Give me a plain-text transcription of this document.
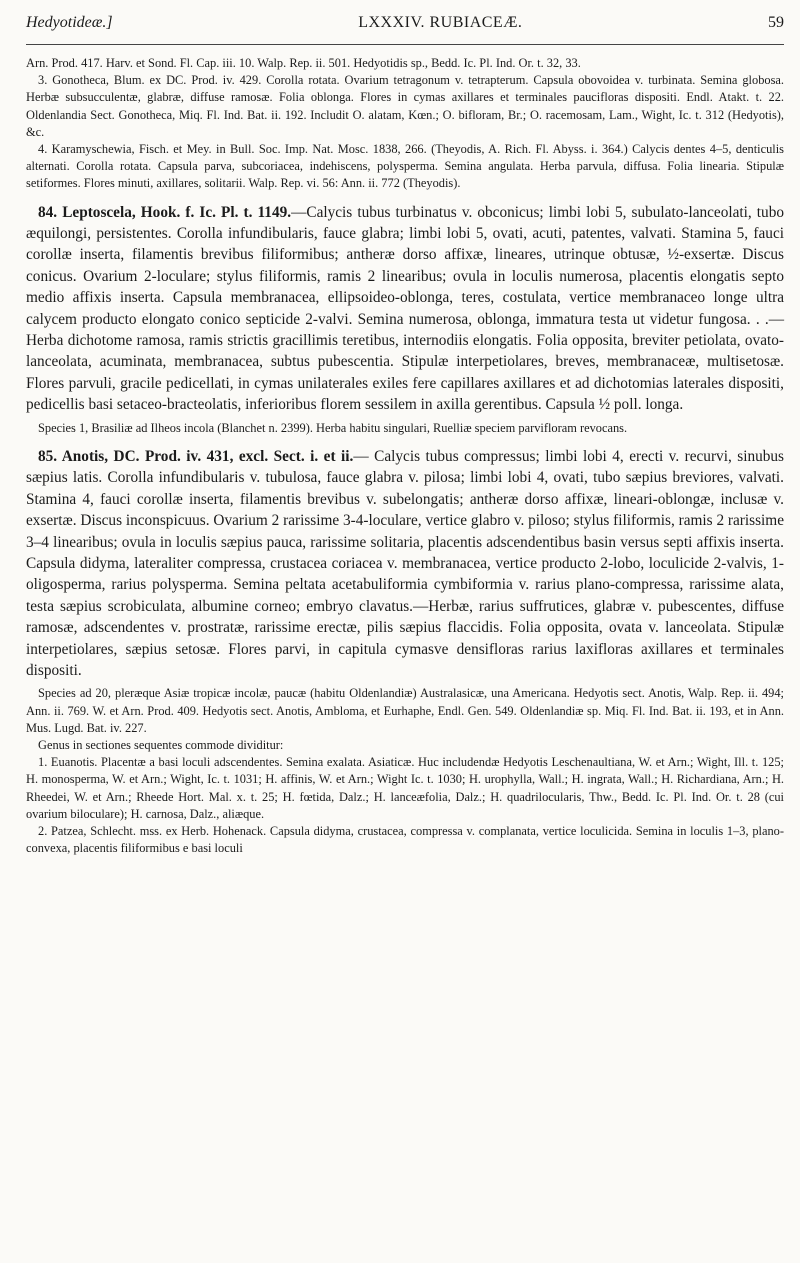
Hedyotideæ.]	LXXXIV. RUBIACEÆ.	59

Arn. Prod. 417. Harv. et Sond. Fl. Cap. iii. 10. Walp. Rep. ii. 501. Hedyotidis sp., Bedd. Ic. Pl. Ind. Or. t. 32, 33.

3. Gonotheca, Blum. ex DC. Prod. iv. 429. Corolla rotata. Ovarium tetragonum v. tetrapterum. Capsula obovoidea v. turbinata. Semina globosa. Herbæ subsucculentæ, glabræ, diffuse ramosæ. Folia oblonga. Flores in cymas axillares et terminales paucifloras dispositi. Endl. Atakt. t. 22. Oldenlandia Sect. Gonotheca, Miq. Fl. Ind. Bat. ii. 192. Includit O. alatam, Kœn.; O. bifloram, Br.; O. racemosam, Lam., Wight, Ic. t. 312 (Hedyotis), &c.

4. Karamyschewia, Fisch. et Mey. in Bull. Soc. Imp. Nat. Mosc. 1838, 266. (Theyodis, A. Rich. Fl. Abyss. i. 364.) Calycis dentes 4–5, denticulis alternati. Corolla rotata. Capsula parva, subcoriacea, indehiscens, polysperma. Semina angulata. Herba parvula, diffusa. Folia linearia. Stipulæ setiformes. Flores minuti, axillares, solitarii. Walp. Rep. vi. 56: Ann. ii. 772 (Theyodis).

84. Leptoscela, Hook. f. Ic. Pl. t. 1149.—Calycis tubus turbinatus v. obconicus; limbi lobi 5, subulato-lanceolati, tubo æquilongi, persistentes. Corolla infundibularis, fauce glabra; limbi lobi 5, ovati, acuti, patentes, valvati. Stamina 5, fauci corollæ inserta, filamentis brevibus filiformibus; antheræ dorso affixæ, lineares, utrinque obtusæ, ½-exsertæ. Discus conicus. Ovarium 2-loculare; stylus filiformis, ramis 2 linearibus; ovula in loculis numerosa, placentis elongatis septo medio affixis inserta. Capsula membranacea, ellipsoideo-oblonga, teres, costulata, vertice membranaceo longe ultra calycem producto elongato conico septicide 2-valvi. Semina numerosa, oblonga, immatura testa ut videtur fungosa. . .—Herba dichotome ramosa, ramis strictis gracillimis teretibus, internodiis elongatis. Folia opposita, breviter petiolata, ovato-lanceolata, acuminata, membranacea, subtus pubescentia. Stipulæ interpetiolares, breves, membranaceæ, multisetosæ. Flores parvuli, gracile pedicellati, in cymas unilaterales exiles fere capillares axillares et ad dichotomias laterales dispositi, pedicellis basi setaceo-bracteolatis, inferioribus florem sessilem in axilla gerentibus. Capsula ½ poll. longa.

Species 1, Brasiliæ ad Ilheos incola (Blanchet n. 2399). Herba habitu singulari, Ruelliæ speciem parvifloram revocans.

85. Anotis, DC. Prod. iv. 431, excl. Sect. i. et ii.— Calycis tubus compressus; limbi lobi 4, erecti v. recurvi, sinubus sæpius latis. Corolla infundibularis v. tubulosa, fauce glabra v. pilosa; limbi lobi 4, ovati, tubo sæpius breviores, valvati. Stamina 4, fauci corollæ inserta, filamentis brevibus v. subelongatis; antheræ dorso affixæ, lineari-oblongæ, inclusæ v. exsertæ. Discus inconspicuus. Ovarium 2 rarissime 3-4-loculare, vertice glabro v. piloso; stylus filiformis, ramis 2 rarissime 3–4 linearibus; ovula in loculis sæpius pauca, rarissime solitaria, placentis adscendentibus basin versus septi affixis inserta. Capsula didyma, lateraliter compressa, crustacea coriacea v. membranacea, vertice producto 2-lobo, loculicide 2-valvis, 1-oligosperma, rarius polysperma. Semina peltata acetabuliformia cymbiformia v. rarius plano-compressa, rarissime alata, testa sæpius scrobiculata, albumine corneo; embryo clavatus.—Herbæ, rarius suffrutices, glabræ v. pubescentes, diffuse ramosæ, adscendentes v. prostratæ, rarissime erectæ, pilis sæpius flaccidis. Folia opposita, ovata v. lanceolata. Stipulæ interpetiolares, sæpius setosæ. Flores parvi, in capitula cymasve densifloras rarius laxifloras axillares et terminales dispositi.

Species ad 20, pleræque Asiæ tropicæ incolæ, paucæ (habitu Oldenlandiæ) Australasicæ, una Americana. Hedyotis sect. Anotis, Walp. Rep. ii. 494; Ann. ii. 769. W. et Arn. Prod. 409. Hedyotis sect. Anotis, Ambloma, et Eurhaphe, Endl. Gen. 549. Oldenlandiæ sp. Miq. Fl. Ind. Bat. ii. 193, et in Ann. Mus. Lugd. Bat. iv. 227.

Genus in sectiones sequentes commode dividitur:

1. Euanotis. Placentæ a basi loculi adscendentes. Semina exalata. Asiaticæ. Huc includendæ Hedyotis Leschenaultiana, W. et Arn.; Wight, Ill. t. 125; H. monosperma, W. et Arn.; Wight, Ic. t. 1031; H. affinis, W. et Arn.; Wight Ic. t. 1030; H. urophylla, Wall.; H. ingrata, Wall.; H. Richardiana, Arn.; H. Rheedei, W. et Arn.; Rheede Hort. Mal. x. t. 25; H. fœtida, Dalz.; H. lanceæfolia, Dalz.; H. quadrilocularis, Thw., Bedd. Ic. Pl. Ind. Or. t. 28 (cui ovarium biloculare); H. carnosa, Dalz., aliæque.

2. Patzea, Schlecht. mss. ex Herb. Hohenack. Capsula didyma, crustacea, compressa v. complanata, vertice loculicida. Semina in loculis 1–3, plano-convexa, placentis filiformibus e basi loculi
